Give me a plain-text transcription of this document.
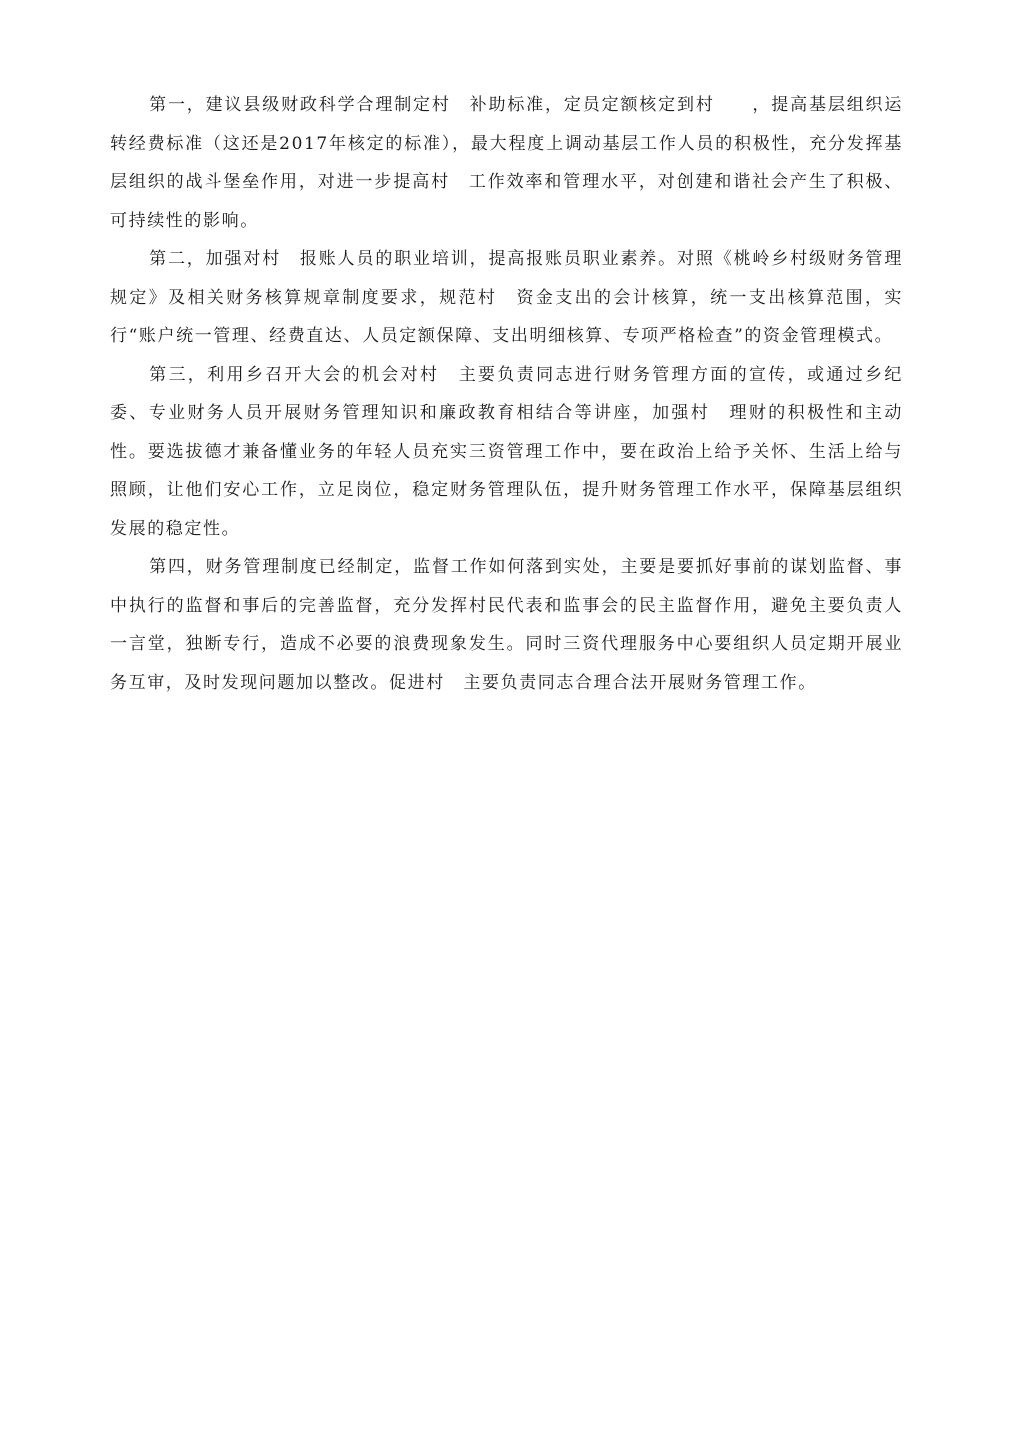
第一，建议县级财政科学合理制定村　补助标准，定员定额核定到村　　，提高基层组织运转经费标准（这还是2017年核定的标准），最大程度上调动基层工作人员的积极性，充分发挥基层组织的战斗堡垒作用，对进一步提高村　工作效率和管理水平，对创建和谐社会产生了积极、可持续性的影响。

第二，加强对村　报账人员的职业培训，提高报账员职业素养。对照《桃岭乡村级财务管理规定》及相关财务核算规章制度要求，规范村　资金支出的会计核算，统一支出核算范围，实行“账户统一管理、经费直达、人员定额保障、支出明细核算、专项严格检查”的资金管理模式。

第三，利用乡召开大会的机会对村　主要负责同志进行财务管理方面的宣传，或通过乡纪委、专业财务人员开展财务管理知识和廉政教育相结合等讲座，加强村　理财的积极性和主动性。要选拔德才兼备懂业务的年轻人员充实三资管理工作中，要在政治上给予关怀、生活上给与照顾，让他们安心工作，立足岗位，稳定财务管理队伍，提升财务管理工作水平，保障基层组织发展的稳定性。

第四，财务管理制度已经制定，监督工作如何落到实处，主要是要抓好事前的谋划监督、事中执行的监督和事后的完善监督，充分发挥村民代表和监事会的民主监督作用，避免主要负责人一言堂，独断专行，造成不必要的浪费现象发生。同时三资代理服务中心要组织人员定期开展业务互审，及时发现问题加以整改。促进村　主要负责同志合理合法开展财务管理工作。
